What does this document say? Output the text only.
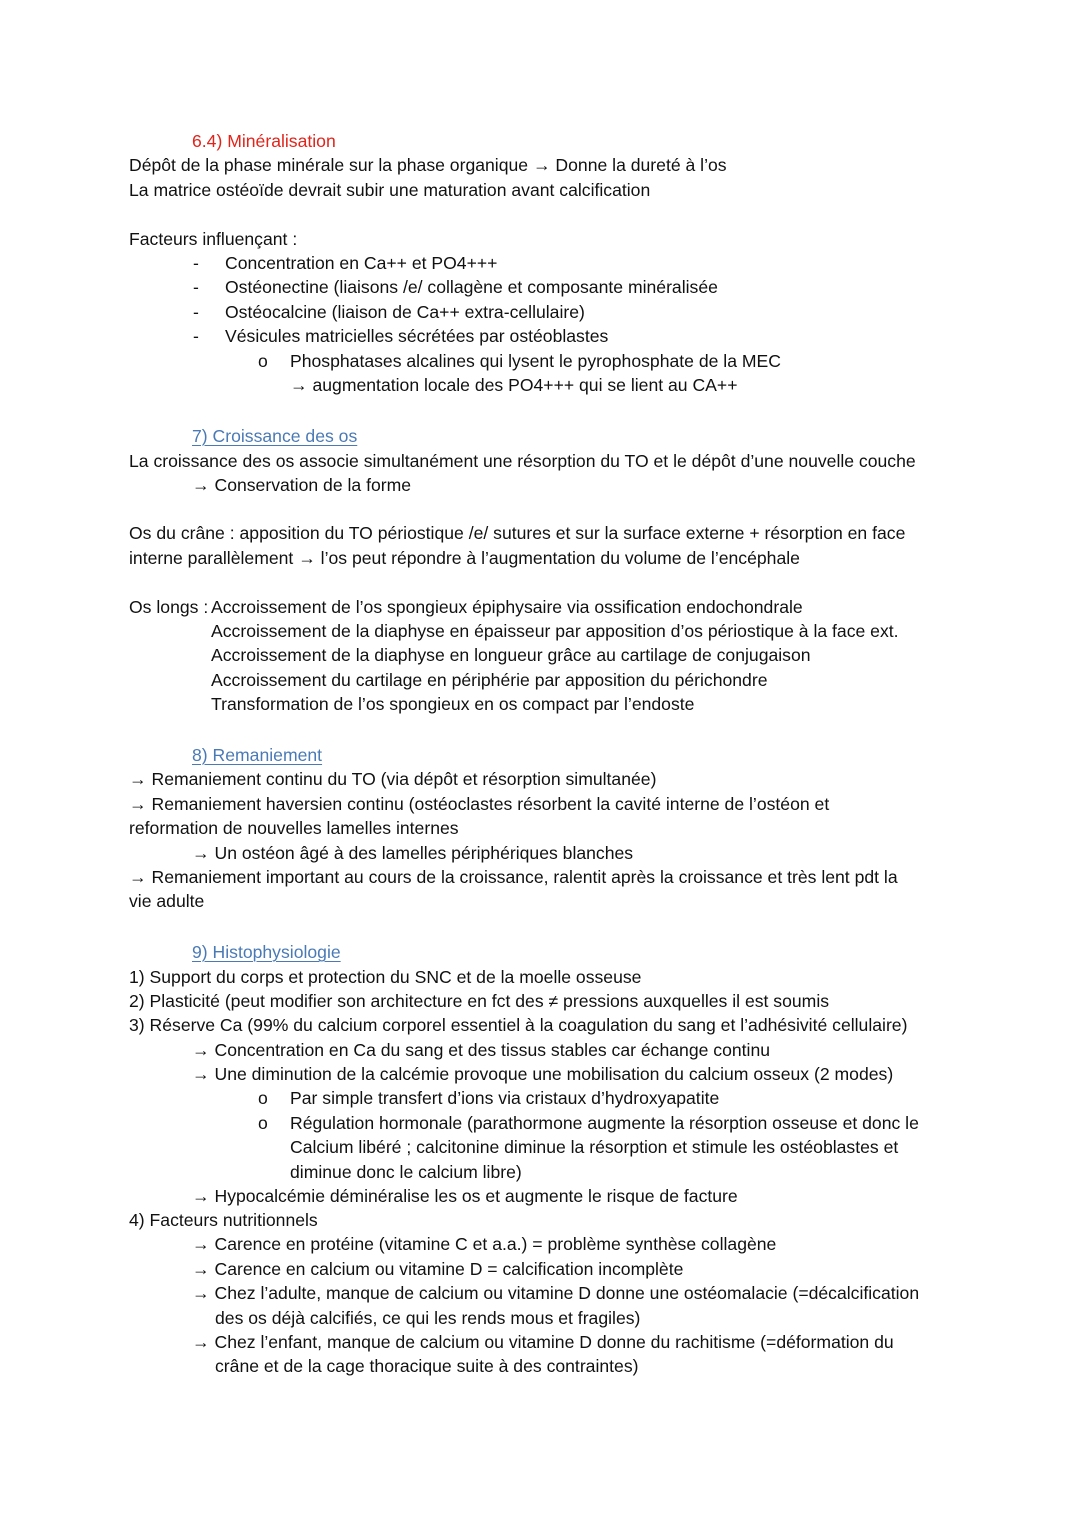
6.4) Minéralisation
Dépôt de la phase minérale sur la phase organique → Donne la dureté à l’os
La matrice ostéoïde devrait subir une maturation avant calcification
Facteurs influençant :
- Concentration en Ca++ et PO4+++
- Ostéonectine (liaisons /e/ collagène et composante minéralisée
- Ostéocalcine (liaison de Ca++ extra-cellulaire)
- Vésicules matricielles sécrétées par ostéoblastes
o Phosphatases alcalines qui lysent le pyrophosphate de la MEC
→ augmentation locale des PO4+++ qui se lient au CA++
7) Croissance des os
La croissance des os associe simultanément une résorption du TO et le dépôt d’une nouvelle couche
→ Conservation de la forme
Os du crâne : apposition du TO périostique /e/ sutures et sur la surface externe + résorption en face
interne parallèlement → l’os peut répondre à l’augmentation du volume de l’encéphale
Os longs : Accroissement de l’os spongieux épiphysaire via ossification endochondrale
Accroissement de la diaphyse en épaisseur par apposition d’os périostique à la face ext.
Accroissement de la diaphyse en longueur grâce au cartilage de conjugaison
Accroissement du cartilage en périphérie par apposition du périchondre
Transformation de l’os spongieux en os compact par l’endoste
8) Remaniement
→ Remaniement continu du TO (via dépôt et résorption simultanée)
→ Remaniement haversien continu (ostéoclastes résorbent la cavité interne de l’ostéon et
reformation de nouvelles lamelles internes
→ Un ostéon âgé à des lamelles périphériques blanches
→ Remaniement important au cours de la croissance, ralentit après la croissance et très lent pdt la
vie adulte
9) Histophysiologie
1) Support du corps et protection du SNC et de la moelle osseuse
2) Plasticité (peut modifier son architecture en fct des ≠ pressions auxquelles il est soumis
3) Réserve Ca (99% du calcium corporel essentiel à la coagulation du sang et l’adhésivité cellulaire)
→ Concentration en Ca du sang et des tissus stables car échange continu
→ Une diminution de la calcémie provoque une mobilisation du calcium osseux (2 modes)
o Par simple transfert d’ions via cristaux d’hydroxyapatite
o Régulation hormonale (parathormone augmente la résorption osseuse et donc le
Calcium libéré ; calcitonine diminue la résorption et stimule les ostéoblastes et
diminue donc le calcium libre)
→ Hypocalcémie déminéralise les os et augmente le risque de facture
4) Facteurs nutritionnels
→ Carence en protéine (vitamine C et a.a.) = problème synthèse collagène
→ Carence en calcium ou vitamine D = calcification incomplète
→ Chez l’adulte, manque de calcium ou vitamine D donne une ostéomalacie (=décalcification
des os déjà calcifiés, ce qui les rends mous et fragiles)
→ Chez l’enfant, manque de calcium ou vitamine D donne du rachitisme (=déformation du
crâne et de la cage thoracique suite à des contraintes)
